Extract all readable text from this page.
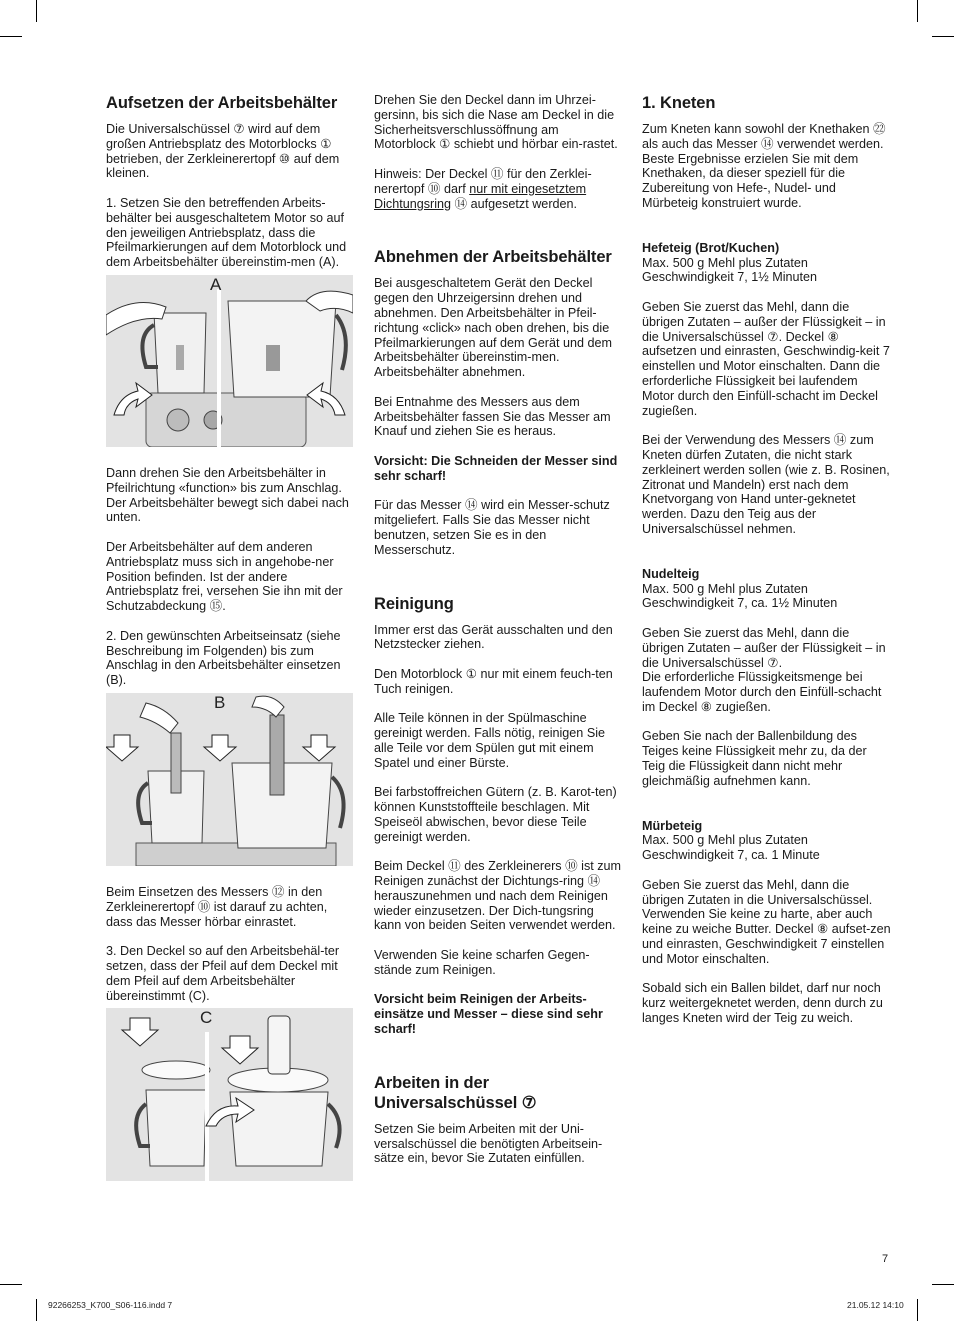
Aufsetzen der Arbeitsbehälter

Die Universalschüssel ⑦ wird auf dem großen Antriebsplatz des Motorblocks ① betrieben, der Zerkleinerertopf ⑩ auf dem kleinen.

1. Setzen Sie den betreffenden Arbeits-behälter bei ausgeschaltetem Motor so auf den jeweiligen Antriebsplatz, dass die Pfeilmarkierungen auf dem Motorblock und dem Arbeitsbehälter übereinstim-men (A).

A

Dann drehen Sie den Arbeitsbehälter in Pfeilrichtung «function» bis zum Anschlag. Der Arbeitsbehälter bewegt sich dabei nach unten.

Der Arbeitsbehälter auf dem anderen Antriebsplatz muss sich in angehobe-ner Position befinden. Ist der andere Antriebsplatz frei, versehen Sie ihn mit der Schutzabdeckung ⑮.

2. Den gewünschten Arbeitseinsatz (siehe Beschreibung im Folgenden) bis zum Anschlag in den Arbeitsbehälter einsetzen (B).

B

Beim Einsetzen des Messers ⑫ in den Zerkleinerertopf ⑩ ist darauf zu achten, dass das Messer hörbar einrastet.

3. Den Deckel so auf den Arbeitsbehäl-ter setzen, dass der Pfeil auf dem Deckel mit dem Pfeil auf dem Arbeitsbehälter übereinstimmt (C).

C

Drehen Sie den Deckel dann im Uhrzei-gersinn, bis sich die Nase am Deckel in die Sicherheitsverschlussöffnung am Motorblock ① schiebt und hörbar ein-rastet.

Hinweis: Der Deckel ⑪ für den Zerklei-nerertopf ⑩ darf nur mit eingesetztem Dichtungsring ⑭ aufgesetzt werden.

Abnehmen der Arbeitsbehälter

Bei ausgeschaltetem Gerät den Deckel gegen den Uhrzeigersinn drehen und abnehmen. Den Arbeitsbehälter in Pfeil-richtung «click» nach oben drehen, bis die Pfeilmarkierungen auf dem Gerät und dem Arbeitsbehälter übereinstim-men. Arbeitsbehälter abnehmen.

Bei Entnahme des Messers aus dem Arbeitsbehälter fassen Sie das Messer am Knauf und ziehen Sie es heraus.

Vorsicht: Die Schneiden der Messer sind sehr scharf!

Für das Messer ⑭ wird ein Messer-schutz mitgeliefert. Falls Sie das Messer nicht benutzen, setzen Sie es in den Messerschutz.

Reinigung

Immer erst das Gerät ausschalten und den Netzstecker ziehen.

Den Motorblock ① nur mit einem feuch-ten Tuch reinigen.

Alle Teile können in der Spülmaschine gereinigt werden. Falls nötig, reinigen Sie alle Teile vor dem Spülen gut mit einem Spatel und einer Bürste.

Bei farbstoffreichen Gütern (z. B. Karot-ten) können Kunststoffteile beschlagen. Mit Speiseöl abwischen, bevor diese Teile gereinigt werden.

Beim Deckel ⑪ des Zerkleinerers ⑩ ist zum Reinigen zunächst der Dichtungs-ring ⑭ herauszunehmen und nach dem Reinigen wieder einzusetzen. Der Dich-tungsring kann von beiden Seiten verwendet werden.

Verwenden Sie keine scharfen Gegen-stände zum Reinigen.

Vorsicht beim Reinigen der Arbeits-einsätze und Messer – diese sind sehr scharf!

Arbeiten in der Universalschüssel ⑦

Setzen Sie beim Arbeiten mit der Uni-versalschüssel die benötigten Arbeitsein-sätze ein, bevor Sie Zutaten einfüllen.

1. Kneten

Zum Kneten kann sowohl der Knethaken ㉒ als auch das Messer ⑭ verwendet werden. Beste Ergebnisse erzielen Sie mit dem Knethaken, da dieser speziell für die Zubereitung von Hefe-, Nudel- und Mürbeteig konstruiert wurde.

Hefeteig (Brot/Kuchen)

Max. 500 g Mehl plus Zutaten

Geschwindigkeit 7, 1½ Minuten

Geben Sie zuerst das Mehl, dann die übrigen Zutaten – außer der Flüssigkeit – in die Universalschüssel ⑦. Deckel ⑧ aufsetzen und einrasten, Geschwindig-keit 7 einstellen und Motor einschalten. Dann die erforderliche Flüssigkeit bei laufendem Motor durch den Einfüll-schacht im Deckel zugießen.

Bei der Verwendung des Messers ⑭ zum Kneten dürfen Zutaten, die nicht stark zerkleinert werden sollen (wie z. B. Rosinen, Zitronat und Mandeln) erst nach dem Knetvorgang von Hand unter-geknetet werden. Dazu den Teig aus der Universalschüssel nehmen.

Nudelteig

Max. 500 g Mehl plus Zutaten

Geschwindigkeit 7, ca. 1½ Minuten

Geben Sie zuerst das Mehl, dann die übrigen Zutaten – außer der Flüssigkeit – in die Universalschüssel ⑦.

Die erforderliche Flüssigkeitsmenge bei laufendem Motor durch den Einfüll-schacht im Deckel ⑧ zugießen.

Geben Sie nach der Ballenbildung des Teiges keine Flüssigkeit mehr zu, da der Teig die Flüssigkeit dann nicht mehr gleichmäßig aufnehmen kann.

Mürbeteig

Max. 500 g Mehl plus Zutaten

Geschwindigkeit 7, ca. 1 Minute

Geben Sie zuerst das Mehl, dann die übrigen Zutaten in die Universalschüssel. Verwenden Sie keine zu harte, aber auch keine zu weiche Butter. Deckel ⑧ aufset-zen und einrasten, Geschwindigkeit 7 einstellen und Motor einschalten.

Sobald sich ein Ballen bildet, darf nur noch kurz weitergeknetet werden, denn durch zu langes Kneten wird der Teig zu weich.

7
92266253_K700_S06-116.indd 7	21.05.12 14:10
